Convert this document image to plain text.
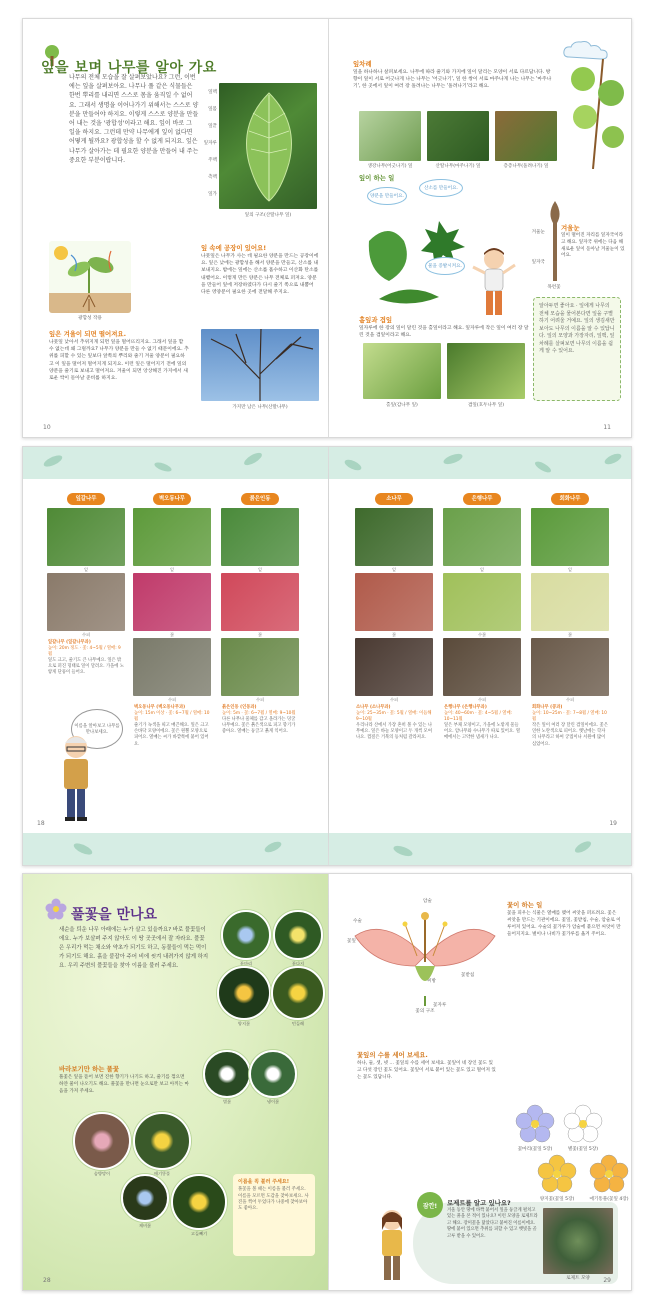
잎을 보며 나무를 알아 가요
나무의 전체 모습을 잘 살펴보았나요? 그런, 이번에는 잎을 살펴보아요. 나무나 풀 같은 식물들은 한번 뿌리를 내리면 스스로 몸을 움직일 수 없어요. 그래서 생명을 이어나가기 위해서는 스스로 양분을 만들어야 하지요. 이렇게 스스로 양분을 만들어 내는 것을 '광합성'이라고 해요. 잎이 바로 그 일을 하지요. 그런데 만약 나무에게 잎이 없다면 어떻게 될까요? 광합성을 할 수 없게 되지요. 잎은 나무가 살아가는 데 필요한 양분을 만들어 내 주는 중요한 부분이랍니다.
잎맥
잎몸
잎끝
잎자루
주맥
측맥
잎가
잎의 구조(산딸나무 잎)
광합성 작용
잎 속에 공장이 있어요!
나뭇잎은 나무가 사는 데 필요한 양분을 만드는 공장이에요. 잎은 낮에는 광합성을 해서 양분을 만들고, 산소를 내보내지요. 밤에는 잎에는 산소를 흡수하고 이산화 탄소를 내뱉어요. 이렇게 만든 양분은 나무 전체로 퍼져요. 양분을 만들어 잎에 저장하였다가 다시 줄기 쪽으로 내뿜어 다른 영양분이 필요한 곳에 전달해 주지요.
잎은 겨울이 되면 떨어져요.
나뭇잎 낮아서 추위지게 되면 잎을 떨어뜨리지요. 그래서 잎을 할 수 없는데 왜 그럴까요? 나무가 양분을 만들 수 없기 때문이에요. 추위를 피할 수 있는 잎보다 앞쪽의 뿌리와 줄기 겨울 양분이 필요하고 이 잎을 떨어져 떨어지게 되지요. 이런 잎은 떨어지기 전에 잎의 양분을 줄기로 보내고 떨어져요. 겨울이 되면 앙상해진 가지에서 새로운 싹이 돋아날 준비를 하지요.
가지만 남은 나무(산딸나무)
10
잎차례
잎을 하나하나 살펴보세요. 나무에 따라 줄기와 가지에 잎이 달리는 모양이 서로 다르답니다. 방향이 잎이 서로 어긋나게 나는 나무는 '어긋나기', 잎 한 쌍이 서로 마주나게 나는 나무는 '마주나기', 한 곳에서 잎이 여러 장 돌려나는 나무는 '돌려나기'라고 해요.
생강나무(어긋나기) 잎	산딸나무(마주나기) 잎	층층나무(돌려나기) 잎
잎이 하는 일
양분을 만들어요.
산소를 만들어요.
물을 증발시켜요.
겨울눈
잎이 떨어진 자리를 잎자국이라고 해요. 잎자국 위에는 다음 해 새로운 잎이 돋아날 겨울눈이 있어요.
겨울눈
잎자국
목련꽃
홑잎과 겹잎
잎자루에 한 장의 잎이 달린 것을 홑잎이라고 해요. 잎자루에 작은 잎이 여러 장 달린 것을 겹잎이라고 해요.
홑잎(감나무 잎)	겹잎(호두나무 잎)
알아두면 좋아요 · 잎에게 나무의 전체 모습을 물어본다면 잎을 구별하기 어려울 거예요. 잎의 생김새만 보아도 나무의 이름을 알 수 있답니다. 잎의 모양과 가장자리, 잎맥, 잎차례를 살펴보면 나무의 이름을 쉽게 알 수 있어요.
11
잎갈나무
잎
수피
잎갈나무 (잎갈나무과)
높이: 20m 정도 · 꽃: 4~5월 / 열매: 9월
잎도 크고, 줄기도 큰 나무예요. 잎은 밖으로 퍼진 형태로 잎이 달려요. 가을에 노랗게 단풍이 들어요.
벽오동나무
잎
꽃
수피
벽오동나무 (벽오동나무과)
높이: 15m 이상 · 꽃: 6~7월 / 열매: 10월
줄기가 녹색을 띠고 매끈해요. 잎은 크고 손바닥 모양이에요. 꽃은 원뿔 모양으로 피어요. 열매는 씨가 바깥쪽에 붙어 있어요.
붉은인동
잎
꽃
수피
붉은인동 (인동과)
높이: 5m · 꽃: 6~7월 / 열매: 9~10월
다른 나무나 물체를 감고 올라가는 덩굴나무예요. 꽃은 붉은색으로 피고 향기가 좋아요. 열매는 둥글고 붉게 익어요.
소나무
잎
꽃
수피
소나무 (소나무과)
높이: 25~35m · 꽃: 5월 / 열매: 이듬해 9~10월
우리나라 산에서 가장 흔히 볼 수 있는 나무예요. 잎은 바늘 모양이고 두 개씩 모여 나요. 껍질은 거북의 등처럼 갈라져요.
은행나무
잎
수꽃
수피
은행나무 (은행나무과)
높이: 40~60m · 꽃: 4~5월 / 열매: 10~11월
잎은 부채 모양이고, 가을에 노랗게 물들어요. 암나무와 수나무가 따로 있어요. 열매에서는 고약한 냄새가 나요.
회화나무
잎
꽃
수피
회화나무 (콩과)
높이: 10~25m · 꽃: 7~8월 / 열매: 10월
작은 잎이 여러 장 달린 겹잎이에요. 꽃은 연한 노란색으로 피어요. 옛날에는 학자의 나무라고 하여 궁궐이나 서원에 많이 심었어요.
이름을 알아보고 나무를 만나보세요.
18	19
풀꽃을 만나요
새순을 틔운 나무 아래에는 누가 살고 있을까요? 바로 풀꽃들이에요. 누가 보살펴 주지 않아도 이 땅 곳곳에서 잘 자라요. 풀꽃은 우리가 먹는 채소와 약초가 되기도 하고, 동물들이 먹는 먹이가 되기도 해요. 흙을 붙잡아 주어 비에 씻겨 내려가지 않게 하지요. 우리 주변의 풀꽃들을 찾아 이름을 불러 주세요.
바라보기만 하는 풀꽃
풀꽃은 잎을 뜯어 보면 진한 향기가 나기도 하고, 줄기를 꺾으면 하얀 물이 나오기도 해요. 풀꽃을 만나면 눈으로만 보고 아끼는 마음을 가져 주세요.
꽃마리	꽃다지
양지꽃	민들레
별꽃	냉이꽃
솜방망이	애기똥풀
제비꽃
고들빼기
이름을 꼭 불러 주세요!
풀꽃을 볼 때는 이름을 불러 주세요. 이름을 모르면 도감을 찾아보세요. 사진을 찍어 두었다가 나중에 찾아보아도 좋아요.
28
꽃잎
수술
암술
씨방
꽃받침
꽃자루
꽃의 구조
꽃이 하는 일
꽃을 피우는 식물은 열매를 맺어 씨앗을 퍼뜨려요. 꽃은 씨앗을 만드는 기관이에요. 꽃잎, 꽃받침, 수술, 암술로 이루어져 있어요. 수술의 꽃가루가 암술에 붙으면 씨앗이 만들어지지요. 벌이나 나비가 꽃가루를 옮겨 주어요.
꽃잎의 수를 세어 보세요.
하나, 둘, 셋, 넷 … 꽃잎의 수를 세어 보세요. 꽃잎이 네 장인 꽃도 있고 다섯 장인 꽃도 있어요. 꽃잎이 서로 붙어 있는 꽃도 있고 떨어져 있는 꽃도 있답니다.
꽃마리(꽃잎 5장)	별꽃(꽃잎 5장)
양지꽃(꽃잎 5장)	애기똥풀(꽃잎 4장)
잠깐!	로제트를 알고 있나요?
겨울 동안 땅에 바짝 붙어서 잎을 둥글게 펼치고 있는 풀을 본 적이 있나요? 이런 모양을 로제트라고 해요. 장미꽃을 닮았다고 붙여진 이름이에요. 땅에 붙어 있으면 추위를 피할 수 있고 햇빛을 골고루 받을 수 있어요.
로제트 모양	29
